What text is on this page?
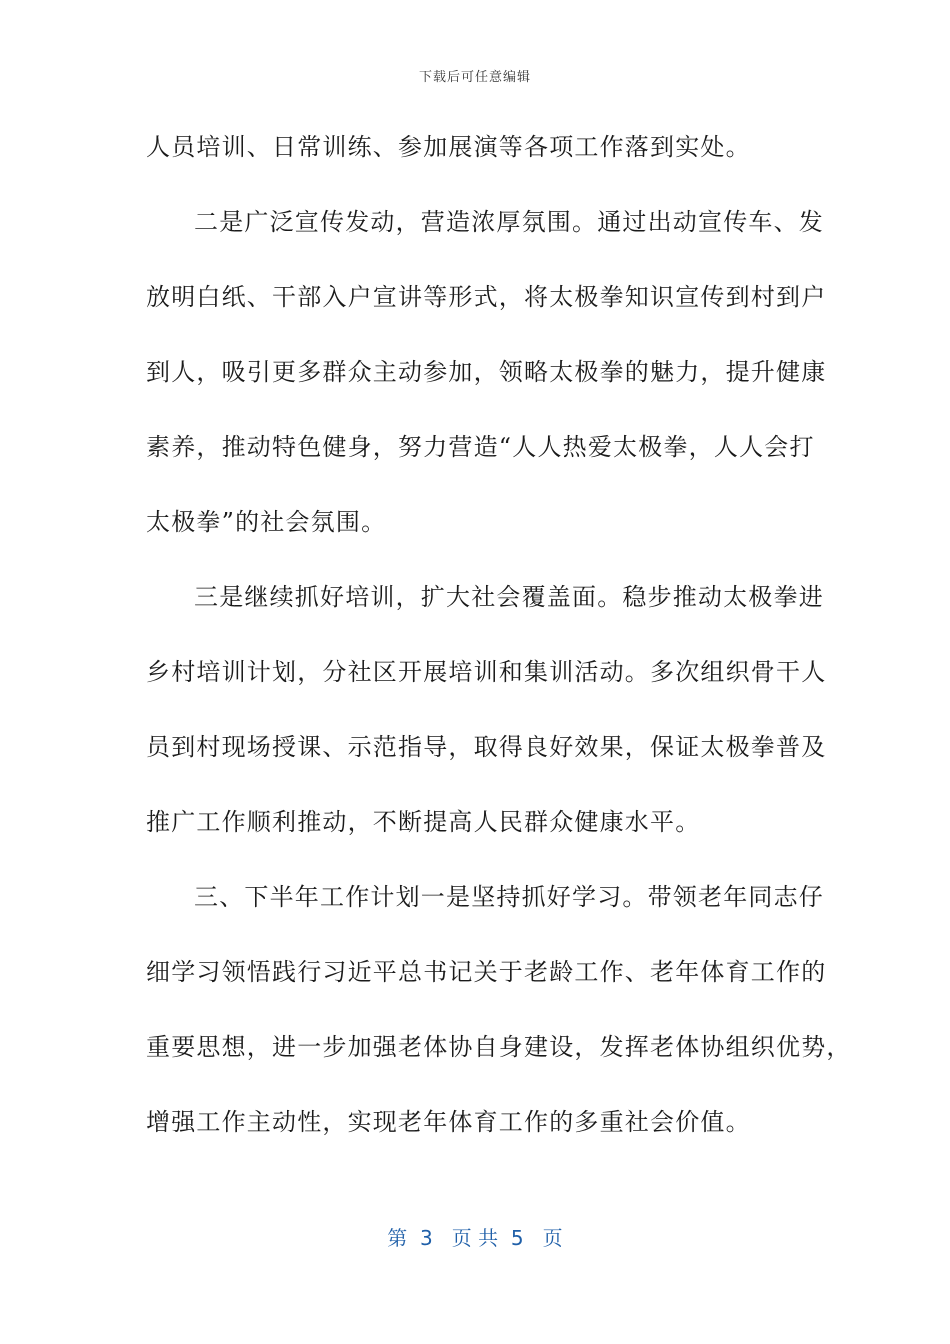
下载后可任意编辑
人员培训、日常训练、参加展演等各项工作落到实处。
二是广泛宣传发动，营造浓厚氛围。通过出动宣传车、发
放明白纸、干部入户宣讲等形式，将太极拳知识宣传到村到户
到人，吸引更多群众主动参加，领略太极拳的魅力，提升健康
素养，推动特色健身，努力营造“人人热爱太极拳，人人会打
太极拳”的社会氛围。
三是继续抓好培训，扩大社会覆盖面。稳步推动太极拳进
乡村培训计划，分社区开展培训和集训活动。多次组织骨干人
员到村现场授课、示范指导，取得良好效果，保证太极拳普及
推广工作顺利推动，不断提高人民群众健康水平。
三、下半年工作计划一是坚持抓好学习。带领老年同志仔
细学习领悟践行习近平总书记关于老龄工作、老年体育工作的
重要思想，进一步加强老体协自身建设，发挥老体协组织优势，
增强工作主动性，实现老年体育工作的多重社会价值。
第  3   页 共  5   页
